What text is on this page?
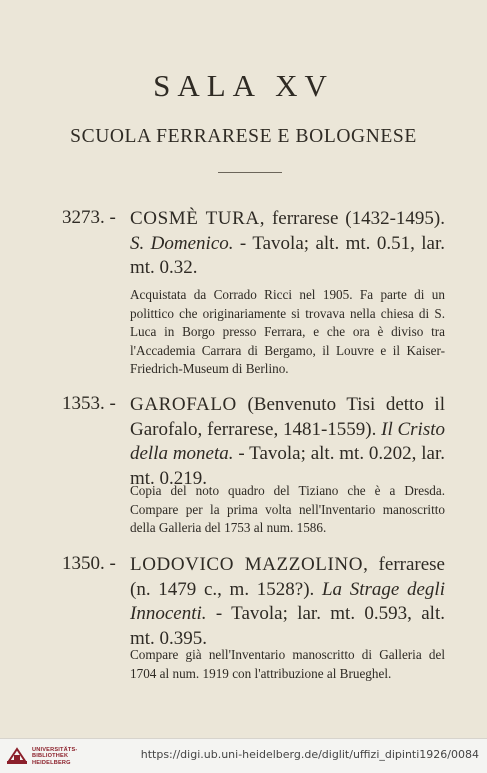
SALA XV
SCUOLA FERRARESE E BOLOGNESE
3273. - COSMÈ TURA, ferrarese (1432-1495). S. Domenico. - Tavola; alt. mt. 0.51, lar. mt. 0.32.
Acquistata da Corrado Ricci nel 1905. Fa parte di un polittico che originariamente si trovava nella chiesa di S. Luca in Borgo presso Ferrara, e che ora è diviso tra l'Accademia Carrara di Bergamo, il Louvre e il Kaiser-Friedrich-Museum di Berlino.
1353. - GAROFALO (Benvenuto Tisi detto il Garofalo, ferrarese, 1481-1559). Il Cristo della moneta. - Tavola; alt. mt. 0.202, lar. mt. 0.219.
Copia del noto quadro del Tiziano che è a Dresda. Compare per la prima volta nell'Inventario manoscritto della Galleria del 1753 al num. 1586.
1350. - LODOVICO MAZZOLINO, ferrarese (n. 1479 c., m. 1528?). La Strage degli Innocenti. - Tavola; lar. mt. 0.593, alt. mt. 0.395.
Compare già nell'Inventario manoscritto di Galleria del 1704 al num. 1919 con l'attribuzione al Brueghel.
UNIVERSITÄTS-
BIBLIOTHEK
HEIDELBERG
https://digi.ub.uni-heidelberg.de/diglit/uffizi_dipinti1926/0084
